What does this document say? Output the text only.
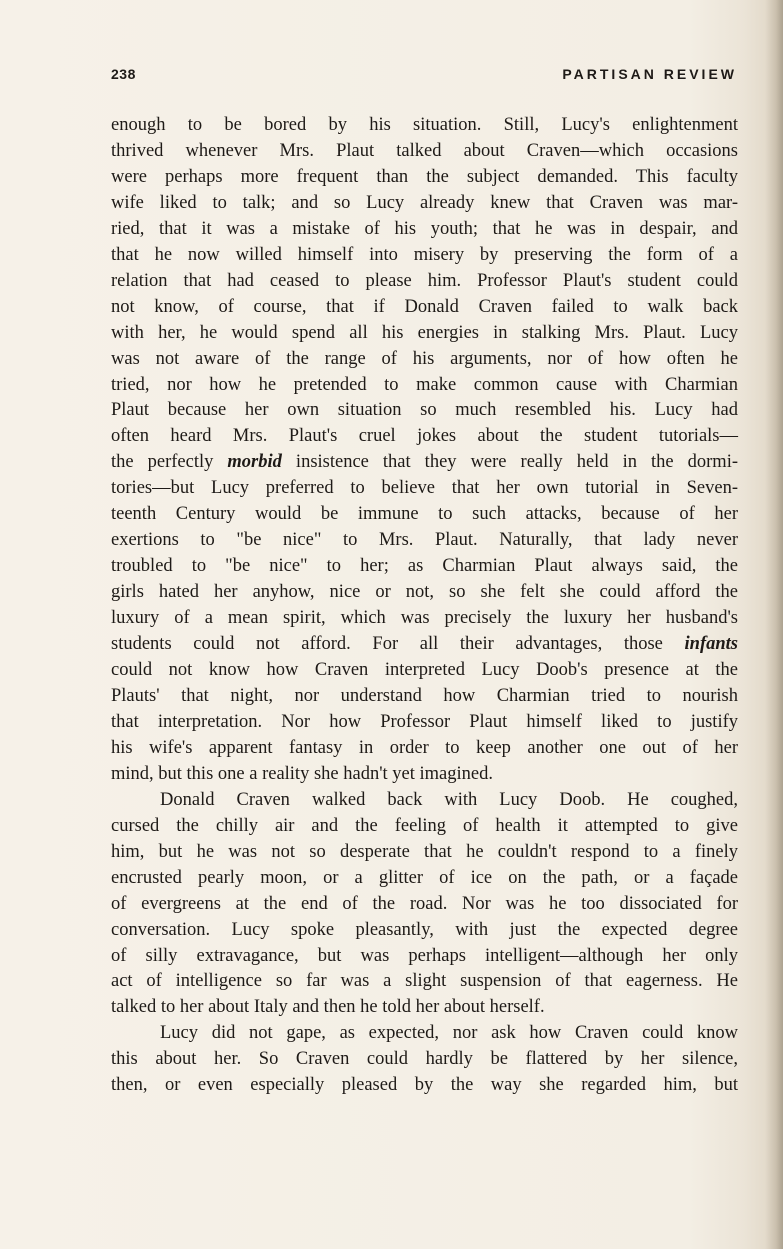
238	PARTISAN REVIEW

enough to be bored by his situation. Still, Lucy's enlightenment

thrived whenever Mrs. Plaut talked about Craven—which occasions

were perhaps more frequent than the subject demanded. This faculty

wife liked to talk; and so Lucy already knew that Craven was mar-

ried, that it was a mistake of his youth; that he was in despair, and

that he now willed himself into misery by preserving the form of a

relation that had ceased to please him. Professor Plaut's student could

not know, of course, that if Donald Craven failed to walk back

with her, he would spend all his energies in stalking Mrs. Plaut. Lucy

was not aware of the range of his arguments, nor of how often he

tried, nor how he pretended to make common cause with Charmian

Plaut because her own situation so much resembled his. Lucy had

often heard Mrs. Plaut's cruel jokes about the student tutorials—

the perfectly morbid insistence that they were really held in the dormi-

tories—but Lucy preferred to believe that her own tutorial in Seven-

teenth Century would be immune to such attacks, because of her

exertions to "be nice" to Mrs. Plaut. Naturally, that lady never

troubled to "be nice" to her; as Charmian Plaut always said, the

girls hated her anyhow, nice or not, so she felt she could afford the

luxury of a mean spirit, which was precisely the luxury her husband's

students could not afford. For all their advantages, those infants

could not know how Craven interpreted Lucy Doob's presence at the

Plauts' that night, nor understand how Charmian tried to nourish

that interpretation. Nor how Professor Plaut himself liked to justify

his wife's apparent fantasy in order to keep another one out of her

mind, but this one a reality she hadn't yet imagined.

Donald Craven walked back with Lucy Doob. He coughed,

cursed the chilly air and the feeling of health it attempted to give

him, but he was not so desperate that he couldn't respond to a finely

encrusted pearly moon, or a glitter of ice on the path, or a façade

of evergreens at the end of the road. Nor was he too dissociated for

conversation. Lucy spoke pleasantly, with just the expected degree

of silly extravagance, but was perhaps intelligent—although her only

act of intelligence so far was a slight suspension of that eagerness. He

talked to her about Italy and then he told her about herself.

Lucy did not gape, as expected, nor ask how Craven could know

this about her. So Craven could hardly be flattered by her silence,

then, or even especially pleased by the way she regarded him, but
